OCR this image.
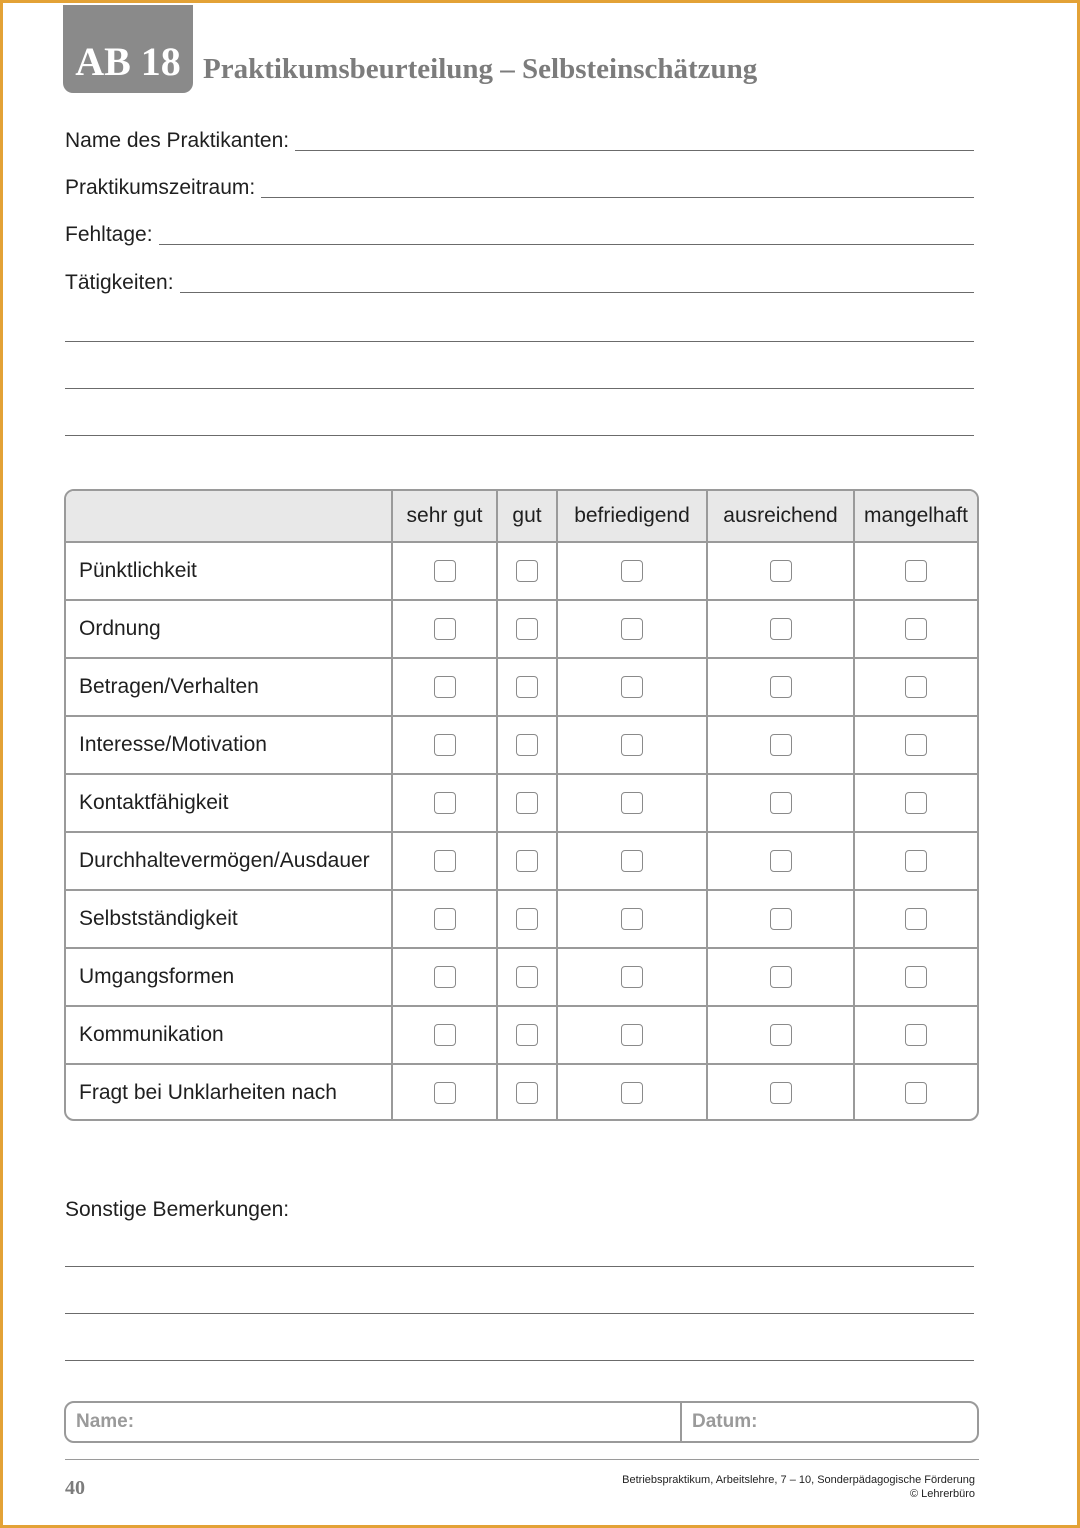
AB 18 Praktikumsbeurteilung – Selbsteinschätzung
Name des Praktikanten:
Praktikumszeitraum:
Fehltage:
Tätigkeiten:
	sehr gut	gut	befriedigend	ausreichend	mangelhaft
Pünktlichkeit					
Ordnung					
Betragen/Verhalten					
Interesse/Motivation					
Kontaktfähigkeit					
Durchhaltevermögen/Ausdauer					
Selbstständigkeit					
Umgangsformen					
Kommunikation					
Fragt bei Unklarheiten nach					
Sonstige Bemerkungen:
Name:	Datum:
40	Betriebspraktikum, Arbeitslehre, 7 – 10, Sonderpädagogische Förderung
© Lehrerbüro
